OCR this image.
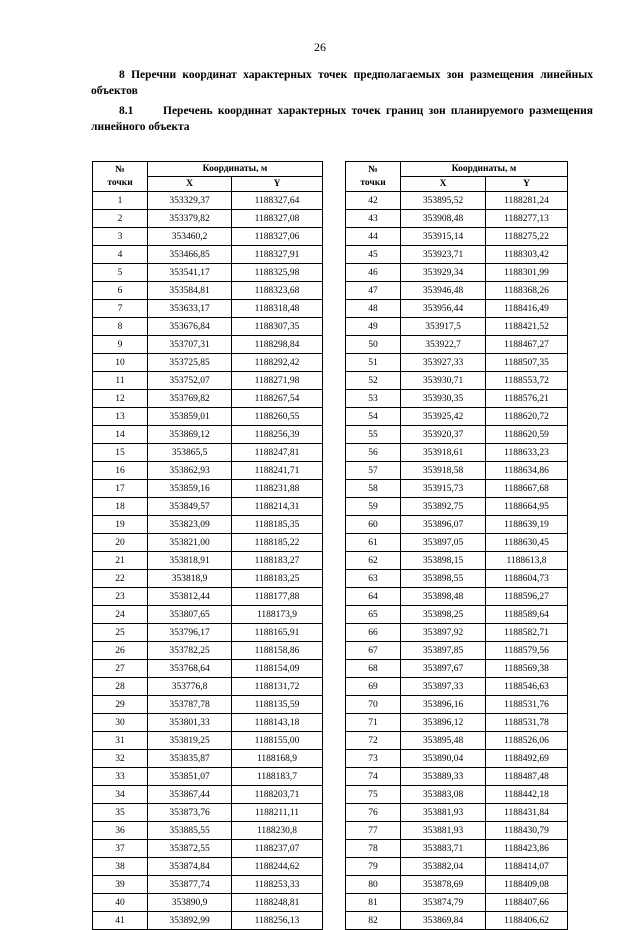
26
8 Перечни координат характерных точек предполагаемых зон размещения линейных объектов
8.1	Перечень координат характерных точек границ зон планируемого размещения линейного объекта
№
точки	Координаты, м	
	X	Y
1	353329,37	1188327,64
2	353379,82	1188327,08
3	353460,2	1188327,06
4	353466,85	1188327,91
5	353541,17	1188325,98
6	353584,81	1188323,68
7	353633,17	1188318,48
8	353676,84	1188307,35
9	353707,31	1188298,84
10	353725,85	1188292,42
11	353752,07	1188271,98
12	353769,82	1188267,54
13	353859,01	1188260,55
14	353869,12	1188256,39
15	353865,5	1188247,81
16	353862,93	1188241,71
17	353859,16	1188231,88
18	353849,57	1188214,31
19	353823,09	1188185,35
20	353821,00	1188185,22
21	353818,91	1188183,27
22	353818,9	1188183,25
23	353812,44	1188177,88
24	353807,65	1188173,9
25	353796,17	1188165,91
26	353782,25	1188158,86
27	353768,64	1188154,09
28	353776,8	1188131,72
29	353787,78	1188135,59
30	353801,33	1188143,18
31	353819,25	1188155,00
32	353835,87	1188168,9
33	353851,07	1188183,7
34	353867,44	1188203,71
35	353873,76	1188211,11
36	353885,55	1188230,8
37	353872,55	1188237,07
38	353874,84	1188244,62
39	353877,74	1188253,33
40	353890,9	1188248,81
41	353892,99	1188256,13
№
точки	Координаты, м	
	X	Y
42	353895,52	1188281,24
43	353908,48	1188277,13
44	353915,14	1188275,22
45	353923,71	1188303,42
46	353929,34	1188301,99
47	353946,48	1188368,26
48	353956,44	1188416,49
49	353917,5	1188421,52
50	353922,7	1188467,27
51	353927,33	1188507,35
52	353930,71	1188553,72
53	353930,35	1188576,21
54	353925,42	1188620,72
55	353920,37	1188620,59
56	353918,61	1188633,23
57	353918,58	1188634,86
58	353915,73	1188667,68
59	353892,75	1188664,95
60	353896,07	1188639,19
61	353897,05	1188630,45
62	353898,15	1188613,8
63	353898,55	1188604,73
64	353898,48	1188596,27
65	353898,25	1188589,64
66	353897,92	1188582,71
67	353897,85	1188579,56
68	353897,67	1188569,38
69	353897,33	1188546,63
70	353896,16	1188531,76
71	353896,12	1188531,78
72	353895,48	1188526,06
73	353890,04	1188492,69
74	353889,33	1188487,48
75	353883,08	1188442,18
76	353881,93	1188431,84
77	353881,93	1188430,79
78	353883,71	1188423,86
79	353882,04	1188414,07
80	353878,69	1188409,08
81	353874,79	1188407,66
82	353869,84	1188406,62
